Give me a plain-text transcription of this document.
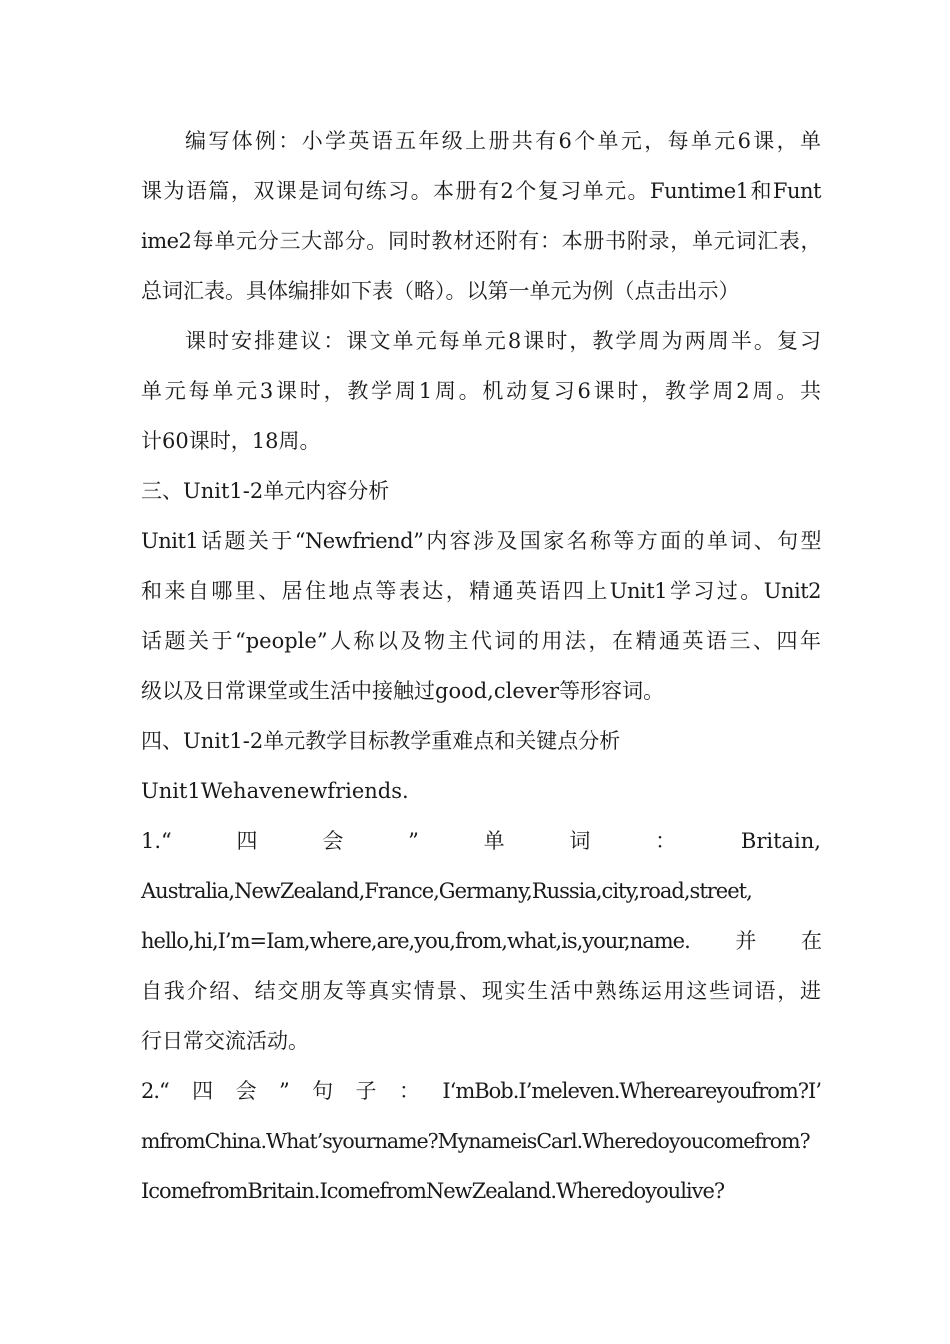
编写体例：小学英语五年级上册共有6个单元，每单元6课，单
课为语篇，双课是词句练习。本册有2个复习单元。Funtime1和Funt
ime2每单元分三大部分。同时教材还附有：本册书附录，单元词汇表，
总词汇表。具体编排如下表（略）。以第一单元为例（点击出示）
课时安排建议：课文单元每单元8课时，教学周为两周半。复习
单元每单元3课时，教学周1周。机动复习6课时，教学周2周。共
计60课时，18周。
三、Unit1-2单元内容分析
Unit1话题关于“Newfriend”内容涉及国家名称等方面的单词、句型
和来自哪里、居住地点等表达，精通英语四上Unit1学习过。Unit2
话题关于“people”人称以及物主代词的用法，在精通英语三、四年
级以及日常课堂或生活中接触过good,clever等形容词。
四、Unit1-2单元教学目标教学重难点和关键点分析
Unit1Wehavenewfriends.
1.“	四	会	”	单	词	：	Britain,
Australia,NewZealand,France,Germany,Russia,city,road,street,
hello,hi,I’m=Iam,where,are,you,from,what,is,your,name.并在
自我介绍、结交朋友等真实情景、现实生活中熟练运用这些词语，进
行日常交流活动。
2.“四会”句子：I‘mBob.I’meleven.Whereareyoufrom?I’
mfromChina.What’syourname?MynameisCarl.Wheredoyoucomefrom?
IcomefromBritain.IcomefromNewZealand.Wheredoyoulive?
